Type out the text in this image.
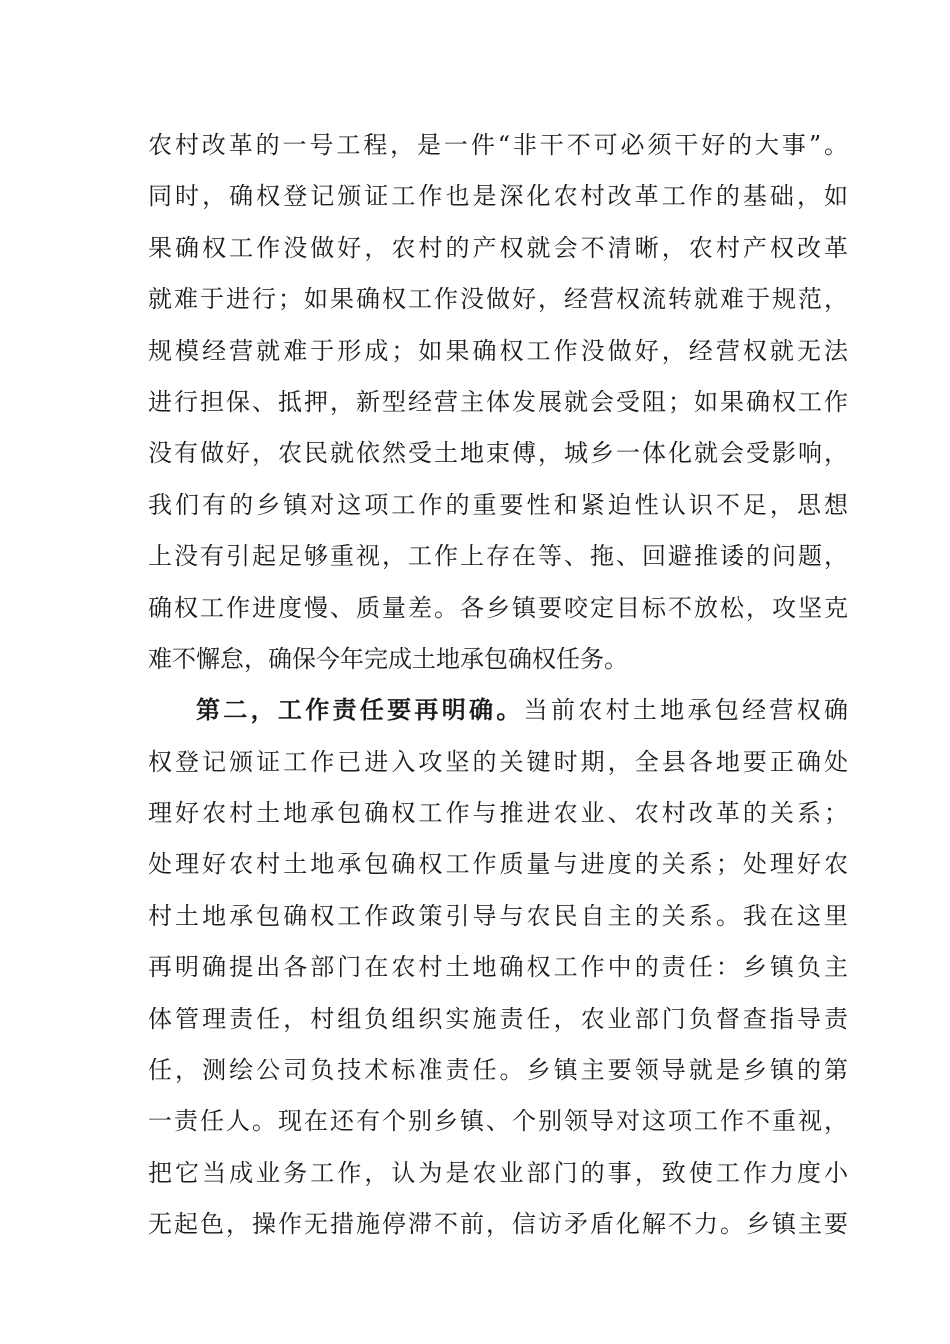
农村改革的一号工程，是一件“非干不可必须干好的大事”。
同时，确权登记颁证工作也是深化农村改革工作的基础，如
果确权工作没做好，农村的产权就会不清晰，农村产权改革
就难于进行；如果确权工作没做好，经营权流转就难于规范，
规模经营就难于形成；如果确权工作没做好，经营权就无法
进行担保、抵押，新型经营主体发展就会受阻；如果确权工作
没有做好，农民就依然受土地束傅，城乡一体化就会受影响，
我们有的乡镇对这项工作的重要性和紧迫性认识不足，思想
上没有引起足够重视，工作上存在等、拖、回避推诿的问题，
确权工作进度慢、质量差。各乡镇要咬定目标不放松，攻坚克
难不懈怠，确保今年完成土地承包确权任务。
第二，工作责任要再明确。当前农村土地承包经营权确
权登记颁证工作已进入攻坚的关键时期，全县各地要正确处
理好农村土地承包确权工作与推进农业、农村改革的关系；
处理好农村土地承包确权工作质量与进度的关系；处理好农
村土地承包确权工作政策引导与农民自主的关系。我在这里
再明确提出各部门在农村土地确权工作中的责任：乡镇负主
体管理责任，村组负组织实施责任，农业部门负督查指导责
任，测绘公司负技术标准责任。乡镇主要领导就是乡镇的第
一责任人。现在还有个别乡镇、个别领导对这项工作不重视，
把它当成业务工作，认为是农业部门的事，致使工作力度小
无起色，操作无措施停滞不前，信访矛盾化解不力。乡镇主要
